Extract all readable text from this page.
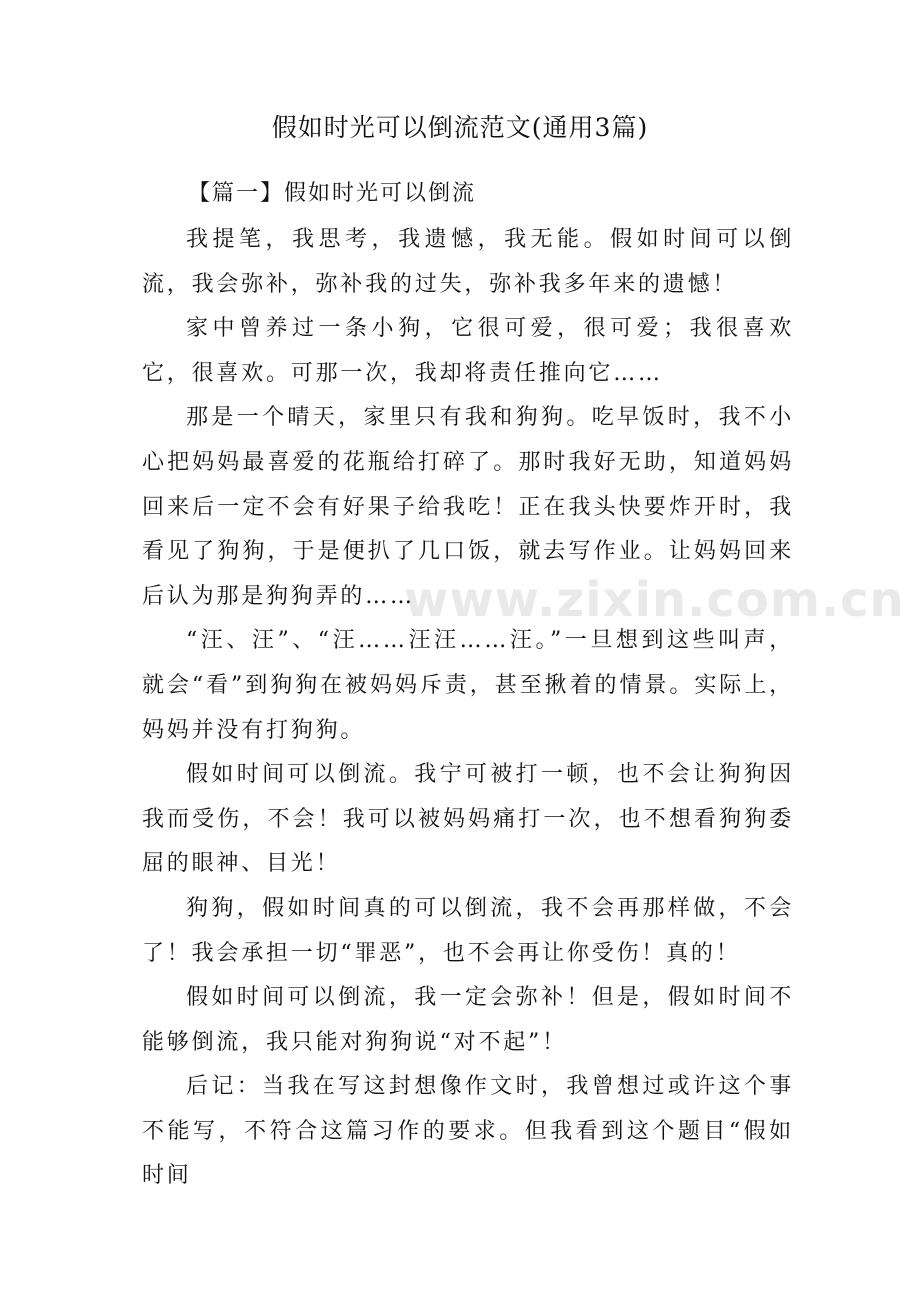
www.zixin.com.cn
假如时光可以倒流范文(通用3篇)
【篇一】假如时光可以倒流

我提笔，我思考，我遗憾，我无能。假如时间可以倒流，我会弥补，弥补我的过失，弥补我多年来的遗憾！

家中曾养过一条小狗，它很可爱，很可爱；我很喜欢它，很喜欢。可那一次，我却将责任推向它……

那是一个晴天，家里只有我和狗狗。吃早饭时，我不小心把妈妈最喜爱的花瓶给打碎了。那时我好无助，知道妈妈回来后一定不会有好果子给我吃！正在我头快要炸开时，我看见了狗狗，于是便扒了几口饭，就去写作业。让妈妈回来后认为那是狗狗弄的……

“汪、汪”、“汪……汪汪……汪。”一旦想到这些叫声，就会“看”到狗狗在被妈妈斥责，甚至揪着的情景。实际上，妈妈并没有打狗狗。

假如时间可以倒流。我宁可被打一顿，也不会让狗狗因我而受伤，不会！我可以被妈妈痛打一次，也不想看狗狗委屈的眼神、目光！

狗狗，假如时间真的可以倒流，我不会再那样做，不会了！我会承担一切“罪恶”，也不会再让你受伤！真的！

假如时间可以倒流，我一定会弥补！但是，假如时间不能够倒流，我只能对狗狗说“对不起”！

后记：当我在写这封想像作文时，我曾想过或许这个事不能写，不符合这篇习作的要求。但我看到这个题目“假如时间
